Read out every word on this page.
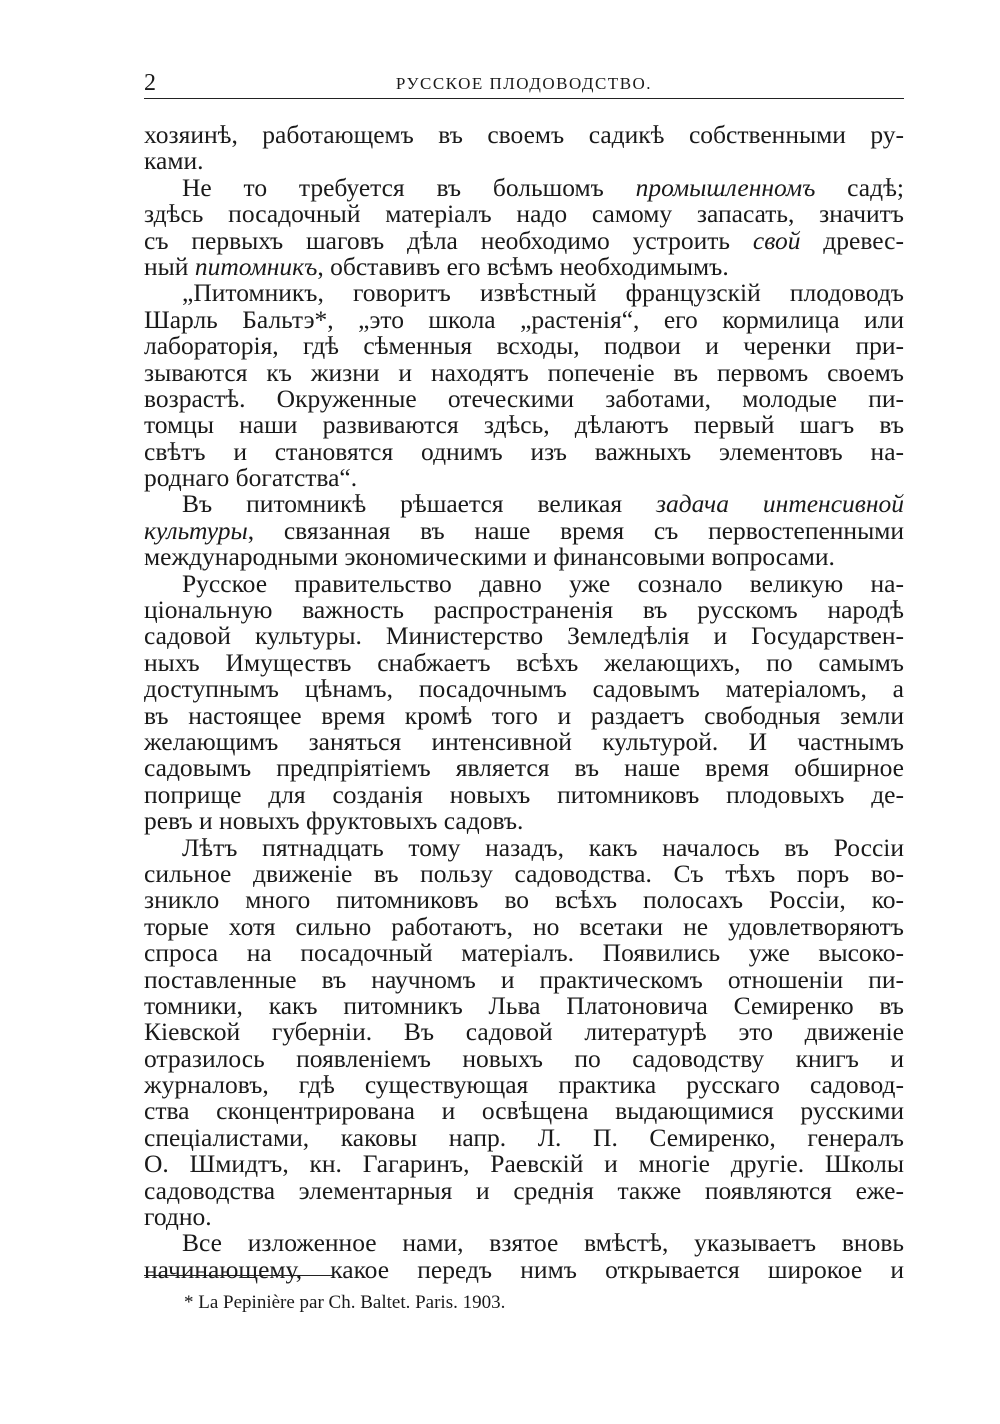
2	РУССКОЕ ПЛОДОВОДСТВО.
хозяинѣ, работающемъ въ своемъ садикѣ собственными ру-
ками.
Не то требуется въ большомъ промышленномъ садѣ;
здѣсь посадочный матеріалъ надо самому запасать, значитъ
съ первыхъ шаговъ дѣла необходимо устроить свой древес-
ный питомникъ, обставивъ его всѣмъ необходимымъ.
„Питомникъ, говоритъ извѣстный французскій плодоводъ
Шарль Бальтэ*, „это школа „растенія“, его кормилица или
лабораторія, гдѣ сѣменныя всходы, подвои и черенки при-
зываются къ жизни и находятъ попеченіе въ первомъ своемъ
возрастѣ. Окруженные отеческими заботами, молодые пи-
томцы наши развиваются здѣсь, дѣлаютъ первый шагъ въ
свѣтъ и становятся однимъ изъ важныхъ элементовъ на-
роднаго богатства“.
Въ питомникѣ рѣшается великая задача интенсивной
культуры, связанная въ наше время съ первостепенными
международными экономическими и финансовыми вопросами.
Русское правительство давно уже сознало великую на-
ціональную важность распространенія въ русскомъ народѣ
садовой культуры. Министерство Земледѣлія и Государствен-
ныхъ Имуществъ снабжаетъ всѣхъ желающихъ, по самымъ
доступнымъ цѣнамъ, посадочнымъ садовымъ матеріаломъ, а
въ настоящее время кромѣ того и раздаетъ свободныя земли
желающимъ заняться интенсивной культурой. И частнымъ
садовымъ предпріятіемъ является въ наше время обширное
поприще для созданія новыхъ питомниковъ плодовыхъ де-
ревъ и новыхъ фруктовыхъ садовъ.
Лѣтъ пятнадцать тому назадъ, какъ началось въ Россіи
сильное движеніе въ пользу садоводства. Съ тѣхъ поръ во-
зникло много питомниковъ во всѣхъ полосахъ Россіи, ко-
торые хотя сильно работаютъ, но всетаки не удовлетворяютъ
спроса на посадочный матеріалъ. Появились уже высоко-
поставленные въ научномъ и практическомъ отношеніи пи-
томники, какъ питомникъ Льва Платоновича Семиренко въ
Кіевской губерніи. Въ садовой литературѣ это движеніе
отразилось появленіемъ новыхъ по садоводству книгъ и
журналовъ, гдѣ существующая практика русскаго садовод-
ства сконцентрирована и освѣщена выдающимися русскими
спеціалистами, каковы напр. Л. П. Семиренко, генералъ
О. Шмидтъ, кн. Гагаринъ, Раевскій и многіе другіе. Школы
садоводства элементарныя и среднія также появляются еже-
годно.
Все изложенное нами, взятое вмѣстѣ, указываетъ вновь
начинающему, какое передъ нимъ открывается широкое и
* La Pepinière par Ch. Baltet. Paris. 1903.
